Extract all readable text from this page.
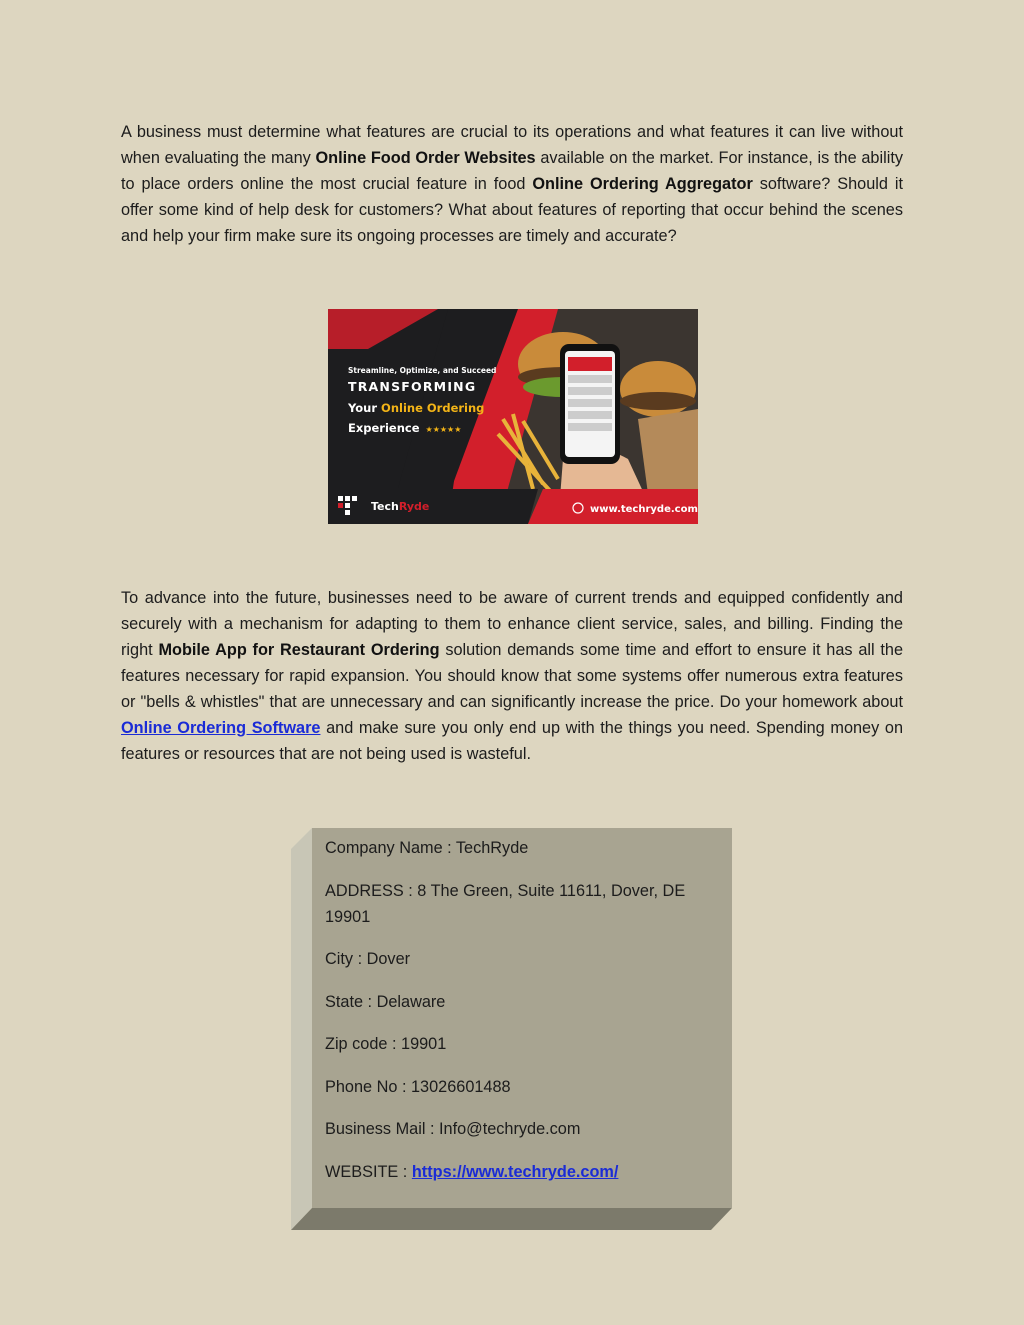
A business must determine what features are crucial to its operations and what features it can live without when evaluating the many Online Food Order Websites available on the market. For instance, is the ability to place orders online the most crucial feature in food Online Ordering Aggregator software? Should it offer some kind of help desk for customers? What about features of reporting that occur behind the scenes and help your firm make sure its ongoing processes are timely and accurate?

TechRyde	www.techryde.com
Streamline, Optimize, and Succeed
TRANSFORMING
Your Online Ordering
Experience ★★★★★

To advance into the future, businesses need to be aware of current trends and equipped confidently and securely with a mechanism for adapting to them to enhance client service, sales, and billing. Finding the right Mobile App for Restaurant Ordering solution demands some time and effort to ensure it has all the features necessary for rapid expansion. You should know that some systems offer numerous extra features or "bells & whistles" that are unnecessary and can significantly increase the price. Do your homework about Online Ordering Software and make sure you only end up with the things you need. Spending money on features or resources that are not being used is wasteful.

Company Name : TechRyde

ADDRESS : 8 The Green, Suite 11611, Dover, DE 19901

City : Dover

State : Delaware

Zip code : 19901

Phone No : 13026601488

Business Mail : Info@techryde.com

WEBSITE : https://www.techryde.com/
